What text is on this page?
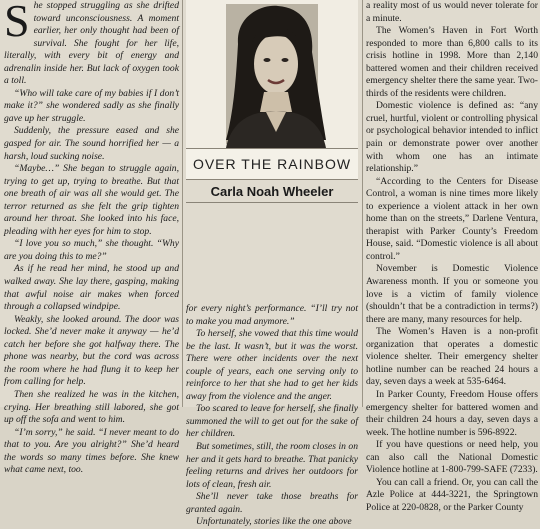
S he stopped struggling as she drifted toward unconsciousness. A moment earlier, her only thought had been of survival. She fought for her life, literally, with every bit of energy and adrenalin inside her. But lack of oxygen took a toll.

“Who will take care of my babies if I don’t make it?” she wondered sadly as she finally gave up her struggle.

Suddenly, the pressure eased and she gasped for air. The sound horrified her — a harsh, loud sucking noise.

“Maybe…” She began to struggle again, trying to get up, trying to breathe. But that one breath of air was all she would get. The terror returned as she felt the grip tighten around her throat. She looked into his face, pleading with her eyes for him to stop.

“I love you so much,” she thought. “Why are you doing this to me?”

As if he read her mind, he stood up and walked away. She lay there, gasping, making that awful noise air makes when forced through a collapsed windpipe.

Weakly, she looked around. The door was locked. She’d never make it anyway — he’d catch her before she got halfway there. The phone was nearby, but the cord was across the room where he had flung it to keep her from calling for help.

Then she realized he was in the kitchen, crying. Her breathing still labored, she got up off the sofa and went to him.

“I’m sorry,” he said. “I never meant to do that to you. Are you alright?” She’d heard the words so many times before. She knew what came next, too.

OVER THE RAINBOW
Carla Noah Wheeler

for every night’s performance. “I’ll try not to make you mad anymore.”

To herself, she vowed that this time would be the last. It wasn’t, but it was the worst. There were other incidents over the next couple of years, each one serving only to reinforce to her that she had to get her kids away from the violence and the anger.

Too scared to leave for herself, she finally summoned the will to get out for the sake of her children.

But sometimes, still, the room closes in on her and it gets hard to breathe. That panicky feeling returns and drives her outdoors for lots of clean, fresh air.

She’ll never take those breaths for granted again.

Unfortunately, stories like the one above

a reality most of us would never tolerate for a minute.

The Women’s Haven in Fort Worth responded to more than 6,800 calls to its crisis hotline in 1998. More than 2,140 battered women and their children received emergency shelter there the same year. Two-thirds of the residents were children.

Domestic violence is defined as: “any cruel, hurtful, violent or controlling physical or psychological behavior intended to inflict pain or demonstrate power over another with whom one has an intimate relationship.”

“According to the Centers for Disease Control, a woman is nine times more likely to experience a violent attack in her own home than on the streets,” Darlene Ventura, therapist with Parker County’s Freedom House, said. “Domestic violence is all about control.”

November is Domestic Violence Awareness month. If you or someone you love is a victim of family violence (shouldn’t that be a contradiction in terms?) there are many, many resources for help.

The Women’s Haven is a non-profit organization that operates a domestic violence shelter. Their emergency shelter hotline number can be reached 24 hours a day, seven days a week at 535-6464.

In Parker County, Freedom House offers emergency shelter for battered women and their children 24 hours a day, seven days a week. The hotline number is 596-8922.

If you have questions or need help, you can also call the National Domestic Violence hotline at 1-800-799-SAFE (7233).

You can call a friend. Or, you can call the Azle Police at 444-3221, the Springtown Police at 220-0828, or the Parker County
